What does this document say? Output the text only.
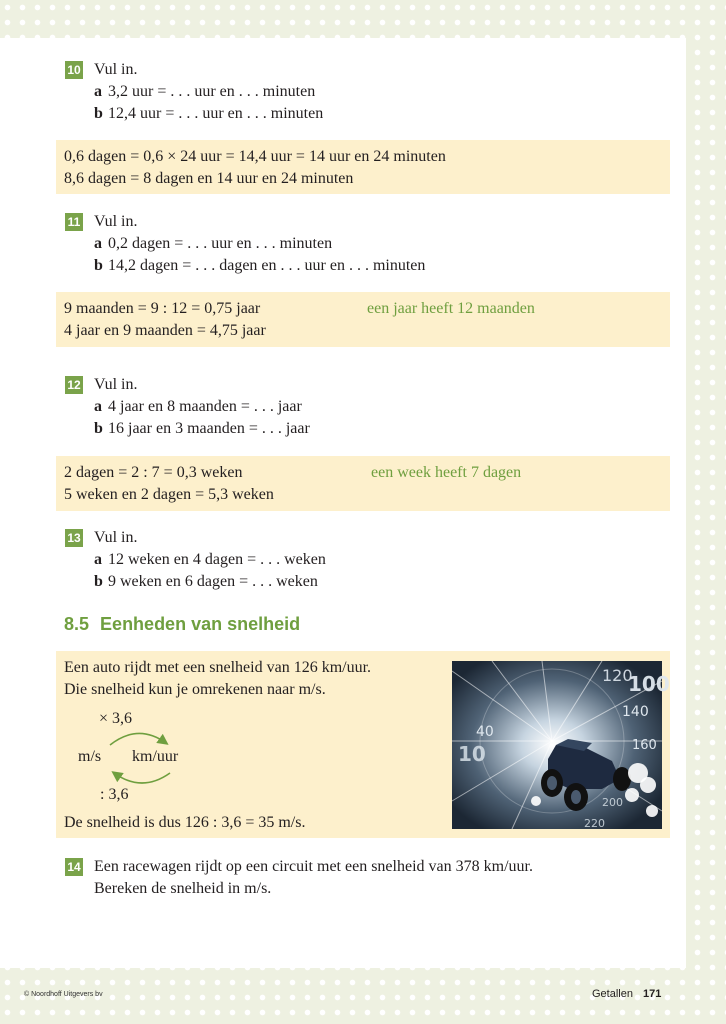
10 Vul in.
a 3,2 uur = . . . uur en . . . minuten
b 12,4 uur = . . . uur en . . . minuten
0,6 dagen = 0,6 × 24 uur = 14,4 uur = 14 uur en 24 minuten
8,6 dagen = 8 dagen en 14 uur en 24 minuten
11 Vul in.
a 0,2 dagen = . . . uur en . . . minuten
b 14,2 dagen = . . . dagen en . . . uur en . . . minuten
9 maanden = 9 : 12 = 0,75 jaar	een jaar heeft 12 maanden
4 jaar en 9 maanden = 4,75 jaar
12 Vul in.
a 4 jaar en 8 maanden = . . . jaar
b 16 jaar en 3 maanden = . . . jaar
2 dagen = 2 : 7 = 0,3 weken	een week heeft 7 dagen
5 weken en 2 dagen = 5,3 weken
13 Vul in.
a 12 weken en 4 dagen = . . . weken
b 9 weken en 6 dagen = . . . weken
8.5 Eenheden van snelheid
Een auto rijdt met een snelheid van 126 km/uur.
Die snelheid kun je omrekenen naar m/s.
× 3,6
m/s km/uur
: 3,6
De snelheid is dus 126 : 3,6 = 35 m/s.
120
100
140
160
40
10
200
220
14 Een racewagen rijdt op een circuit met een snelheid van 378 km/uur.
Bereken de snelheid in m/s.
© Noordhoff Uitgevers bv	Getallen 171
